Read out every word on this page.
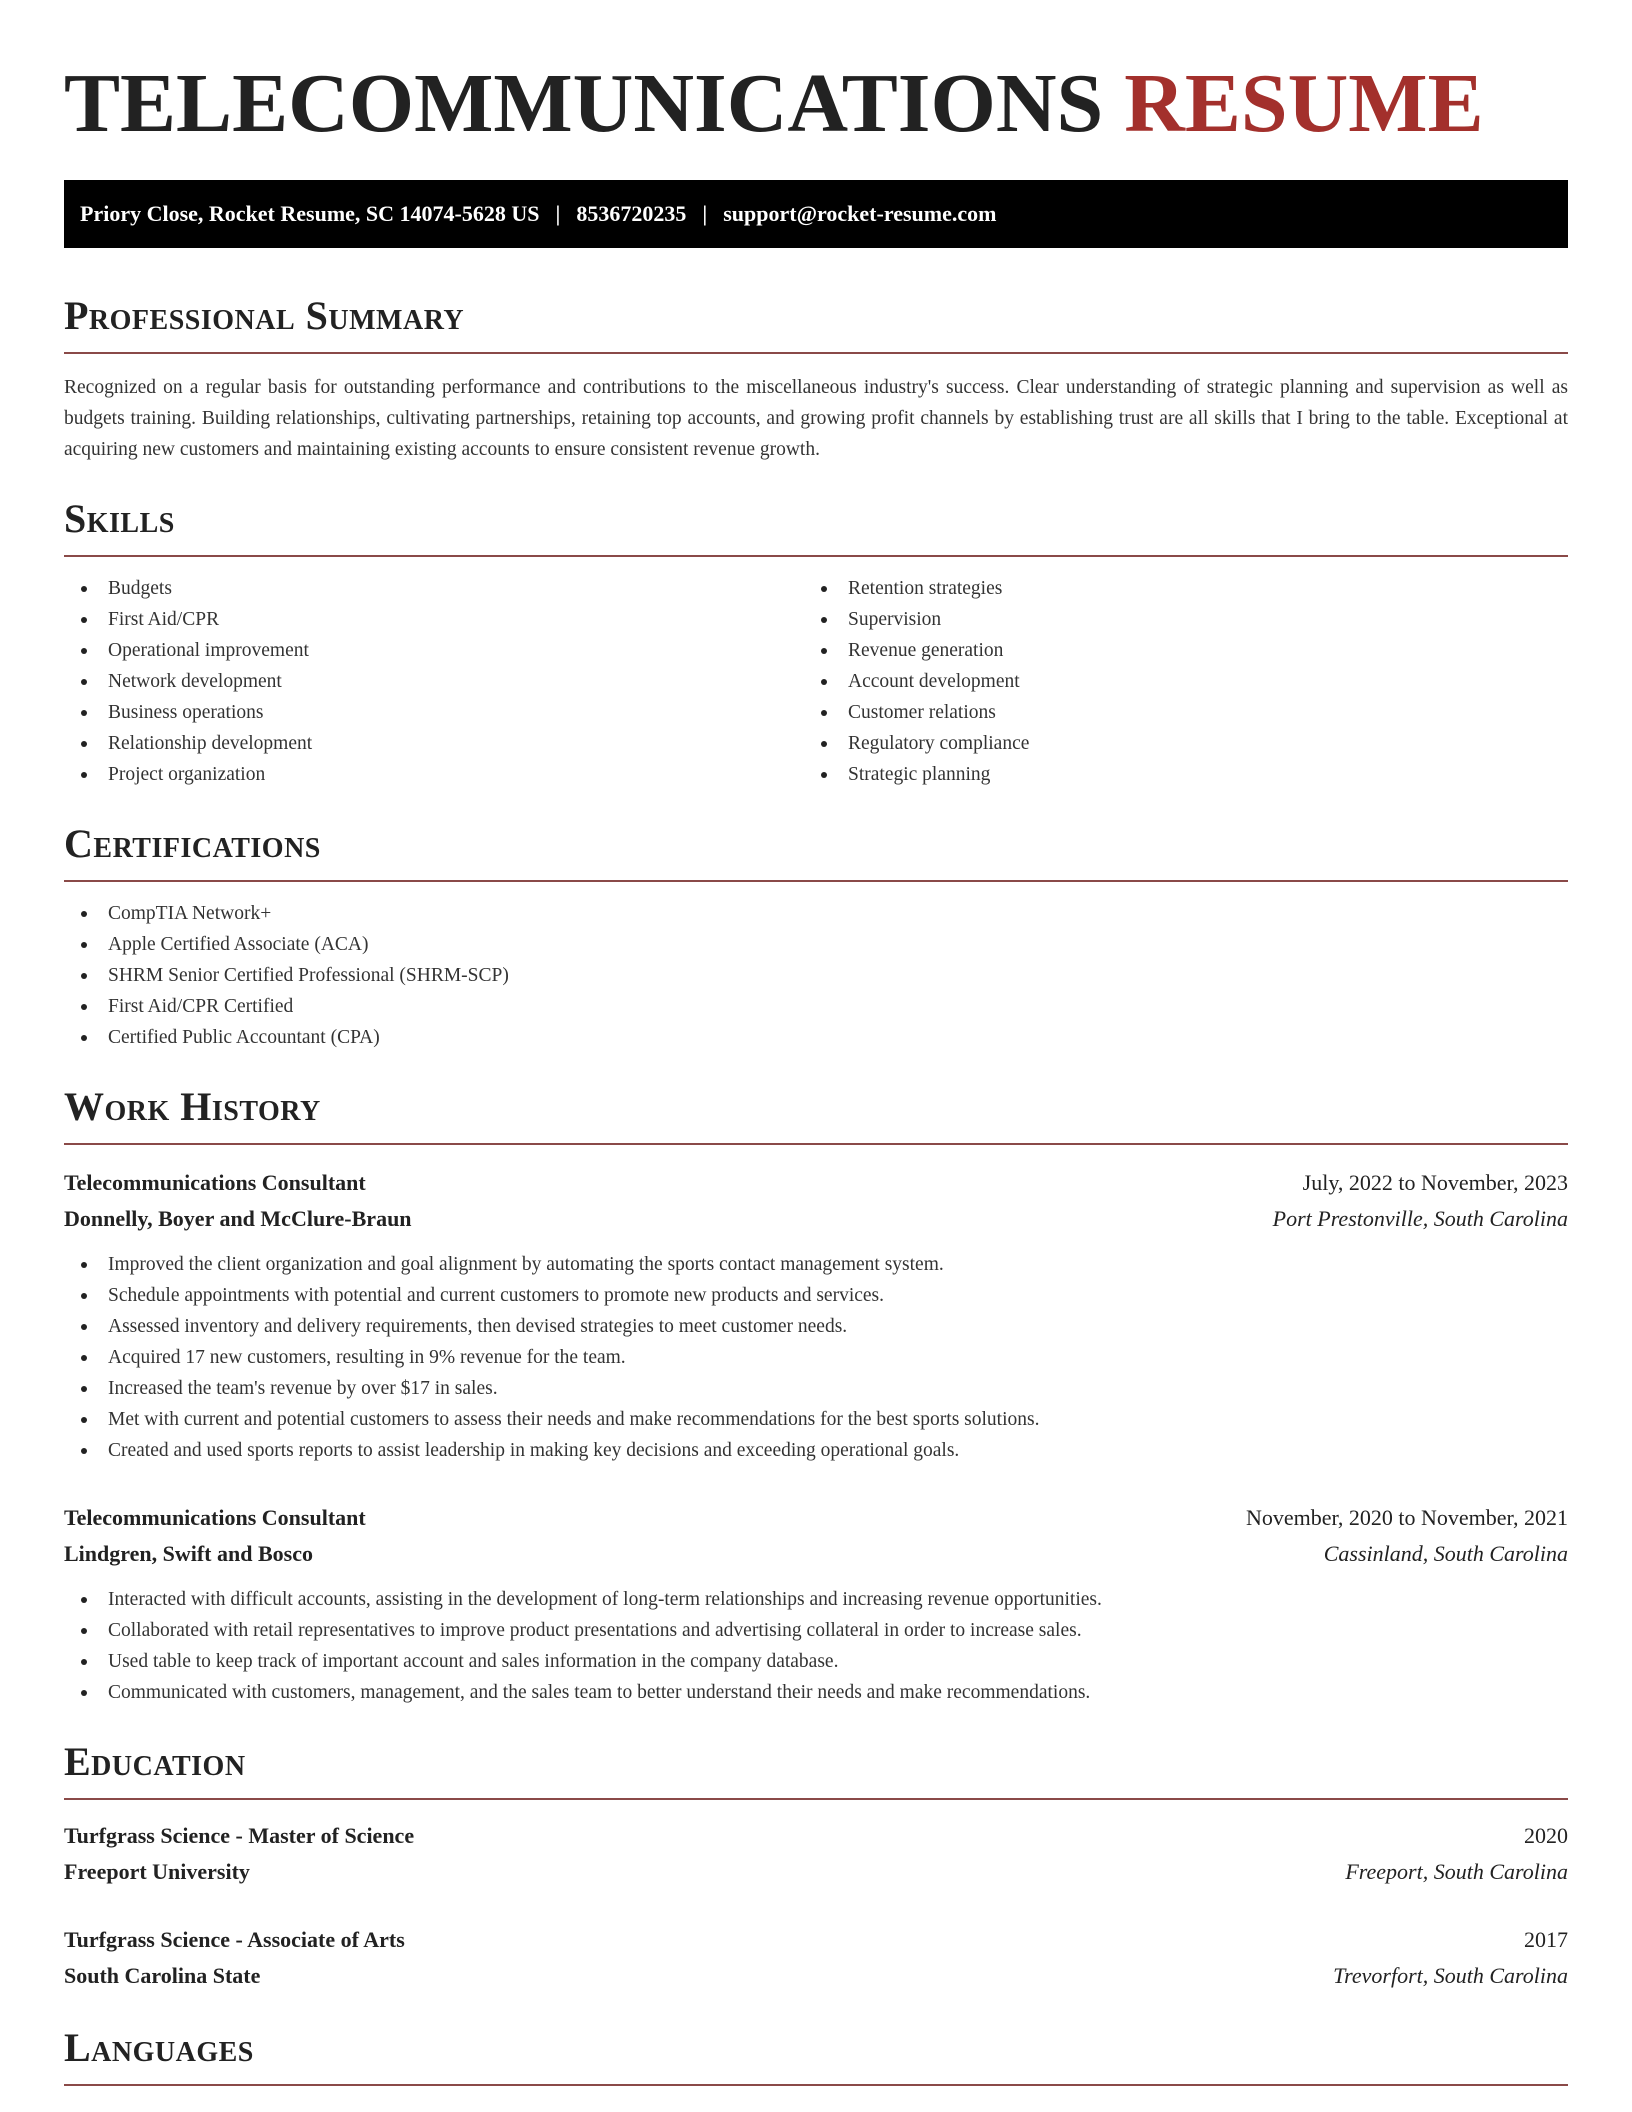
TELECOMMUNICATIONS RESUME
Priory Close, Rocket Resume, SC 14074-5628 US | 8536720235 | support@rocket-resume.com
Professional Summary

Recognized on a regular basis for outstanding performance and contributions to the miscellaneous industry's success. Clear understanding of strategic planning and supervision as well as budgets training. Building relationships, cultivating partnerships, retaining top accounts, and growing profit channels by establishing trust are all skills that I bring to the table. Exceptional at acquiring new customers and maintaining existing accounts to ensure consistent revenue growth.

Skills
Budgets
First Aid/CPR
Operational improvement
Network development
Business operations
Relationship development
Project organization
Retention strategies
Supervision
Revenue generation
Account development
Customer relations
Regulatory compliance
Strategic planning
Certifications
CompTIA Network+
Apple Certified Associate (ACA)
SHRM Senior Certified Professional (SHRM-SCP)
First Aid/CPR Certified
Certified Public Accountant (CPA)
Work History
Telecommunications Consultant	July, 2022 to November, 2023
Donnelly, Boyer and McClure-Braun	Port Prestonville, South Carolina
Improved the client organization and goal alignment by automating the sports contact management system.
Schedule appointments with potential and current customers to promote new products and services.
Assessed inventory and delivery requirements, then devised strategies to meet customer needs.
Acquired 17 new customers, resulting in 9% revenue for the team.
Increased the team's revenue by over $17 in sales.
Met with current and potential customers to assess their needs and make recommendations for the best sports solutions.
Created and used sports reports to assist leadership in making key decisions and exceeding operational goals.
Telecommunications Consultant	November, 2020 to November, 2021
Lindgren, Swift and Bosco	Cassinland, South Carolina
Interacted with difficult accounts, assisting in the development of long-term relationships and increasing revenue opportunities.
Collaborated with retail representatives to improve product presentations and advertising collateral in order to increase sales.
Used table to keep track of important account and sales information in the company database.
Communicated with customers, management, and the sales team to better understand their needs and make recommendations.
Education
Turfgrass Science - Master of Science	2020
Freeport University	Freeport, South Carolina
Turfgrass Science - Associate of Arts	2017
South Carolina State	Trevorfort, South Carolina
Languages
